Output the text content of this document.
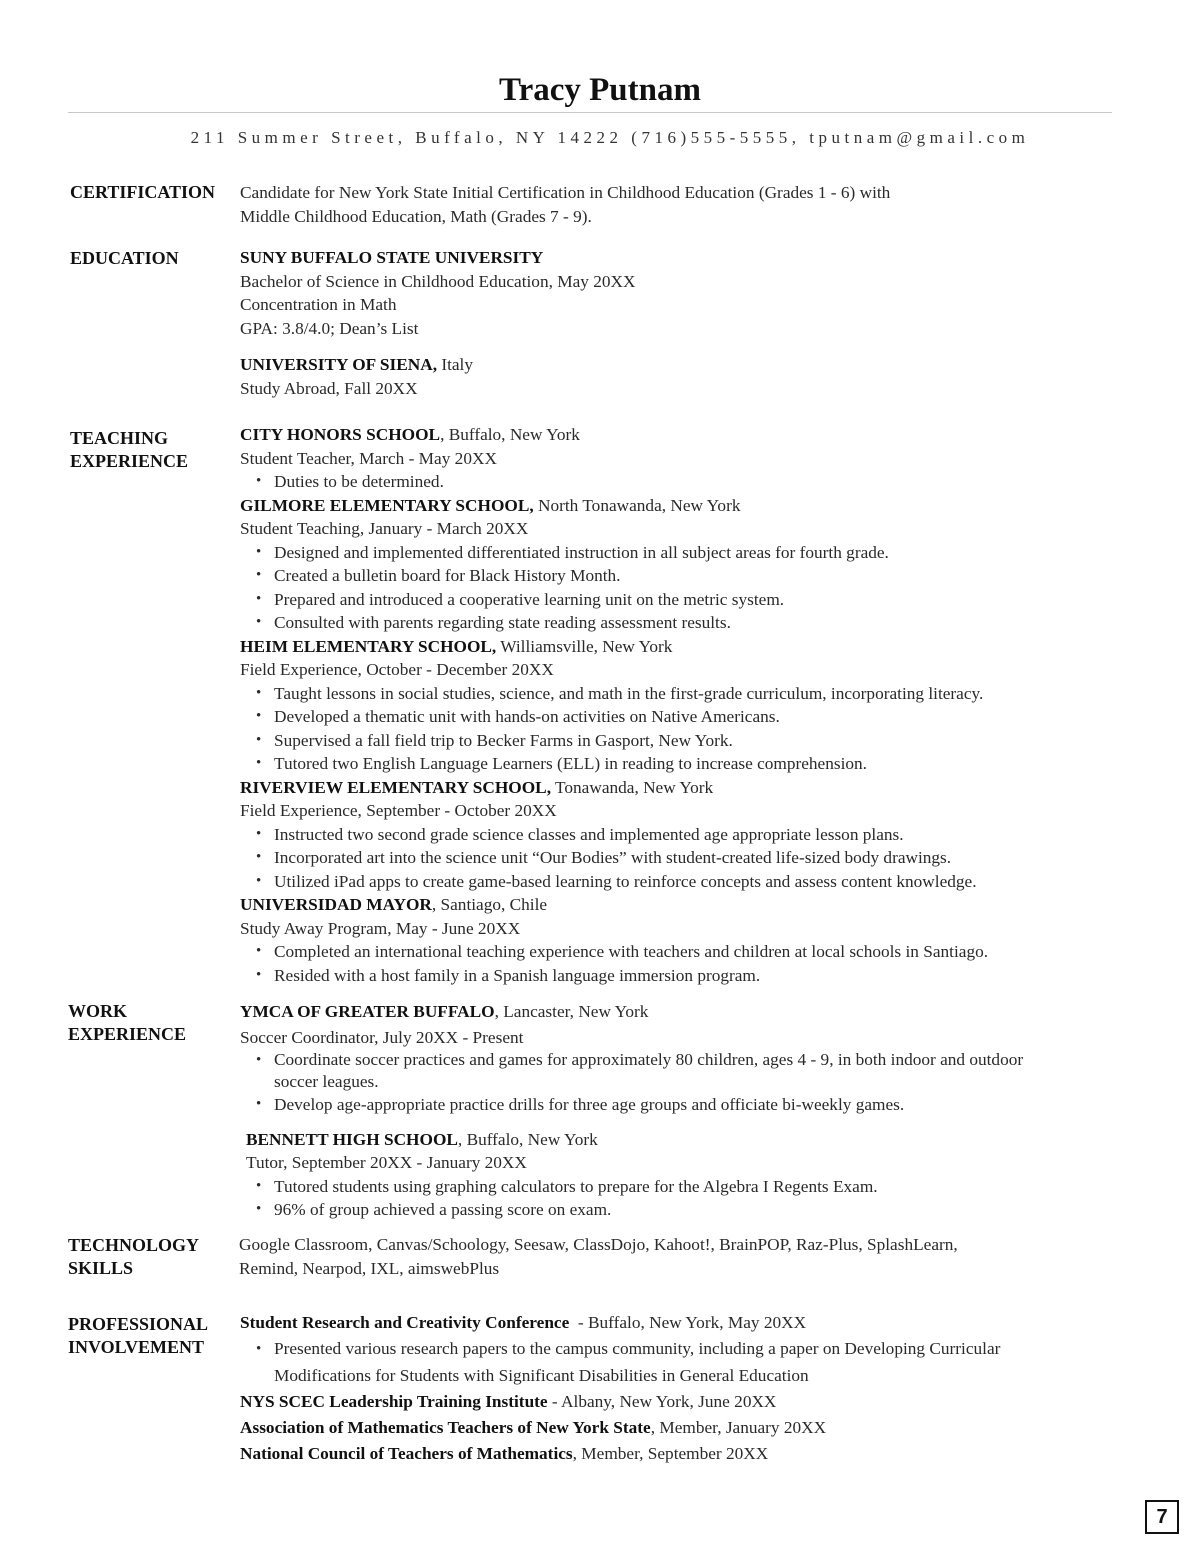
Tracy Putnam
211 Summer Street, Buffalo, NY 14222 (716)555-5555, tputnam@gmail.com
CERTIFICATION Candidate for New York State Initial Certification in Childhood Education (Grades 1 - 6) with
Middle Childhood Education, Math (Grades 7 - 9).
EDUCATION	SUNY BUFFALO STATE UNIVERSITY
Bachelor of Science in Childhood Education, May 20XX
Concentration in Math
GPA: 3.8/4.0; Dean’s List
UNIVERSITY OF SIENA, Italy
Study Abroad, Fall 20XX
TEACHING
EXPERIENCE
CITY HONORS SCHOOL, Buffalo, New York
Student Teacher, March - May 20XX
• Duties to be determined.
GILMORE ELEMENTARY SCHOOL, North Tonawanda, New York
Student Teaching, January - March 20XX
• Designed and implemented differentiated instruction in all subject areas for fourth grade.
• Created a bulletin board for Black History Month.
• Prepared and introduced a cooperative learning unit on the metric system.
• Consulted with parents regarding state reading assessment results.
HEIM ELEMENTARY SCHOOL, Williamsville, New York
Field Experience, October - December 20XX
• Taught lessons in social studies, science, and math in the first-grade curriculum, incorporating literacy.
• Developed a thematic unit with hands-on activities on Native Americans.
• Supervised a fall field trip to Becker Farms in Gasport, New York.
• Tutored two English Language Learners (ELL) in reading to increase comprehension.
RIVERVIEW ELEMENTARY SCHOOL, Tonawanda, New York
Field Experience, September - October 20XX
• Instructed two second grade science classes and implemented age appropriate lesson plans.
• Incorporated art into the science unit “Our Bodies” with student-created life-sized body drawings.
• Utilized iPad apps to create game-based learning to reinforce concepts and assess content knowledge.
UNIVERSIDAD MAYOR, Santiago, Chile
Study Away Program, May - June 20XX
• Completed an international teaching experience with teachers and children at local schools in Santiago.
• Resided with a host family in a Spanish language immersion program.
WORK
EXPERIENCE
YMCA OF GREATER BUFFALO, Lancaster, New York
Soccer Coordinator, July 20XX - Present
• Coordinate soccer practices and games for approximately 80 children, ages 4 - 9, in both indoor and outdoor soccer leagues.
• Develop age-appropriate practice drills for three age groups and officiate bi-weekly games.
BENNETT HIGH SCHOOL, Buffalo, New York
Tutor, September 20XX - January 20XX
• Tutored students using graphing calculators to prepare for the Algebra I Regents Exam.
• 96% of group achieved a passing score on exam.
TECHNOLOGY
SKILLS
Google Classroom, Canvas/Schoology, Seesaw, ClassDojo, Kahoot!, BrainPOP, Raz-Plus, SplashLearn,
Remind, Nearpod, IXL, aimswebPlus
PROFESSIONAL
INVOLVEMENT
Student Research and Creativity Conference  - Buffalo, New York, May 20XX
• Presented various research papers to the campus community, including a paper on Developing Curricular Modifications for Students with Significant Disabilities in General Education
NYS SCEC Leadership Training Institute - Albany, New York, June 20XX
Association of Mathematics Teachers of New York State, Member, January 20XX
National Council of Teachers of Mathematics, Member, September 20XX
7
